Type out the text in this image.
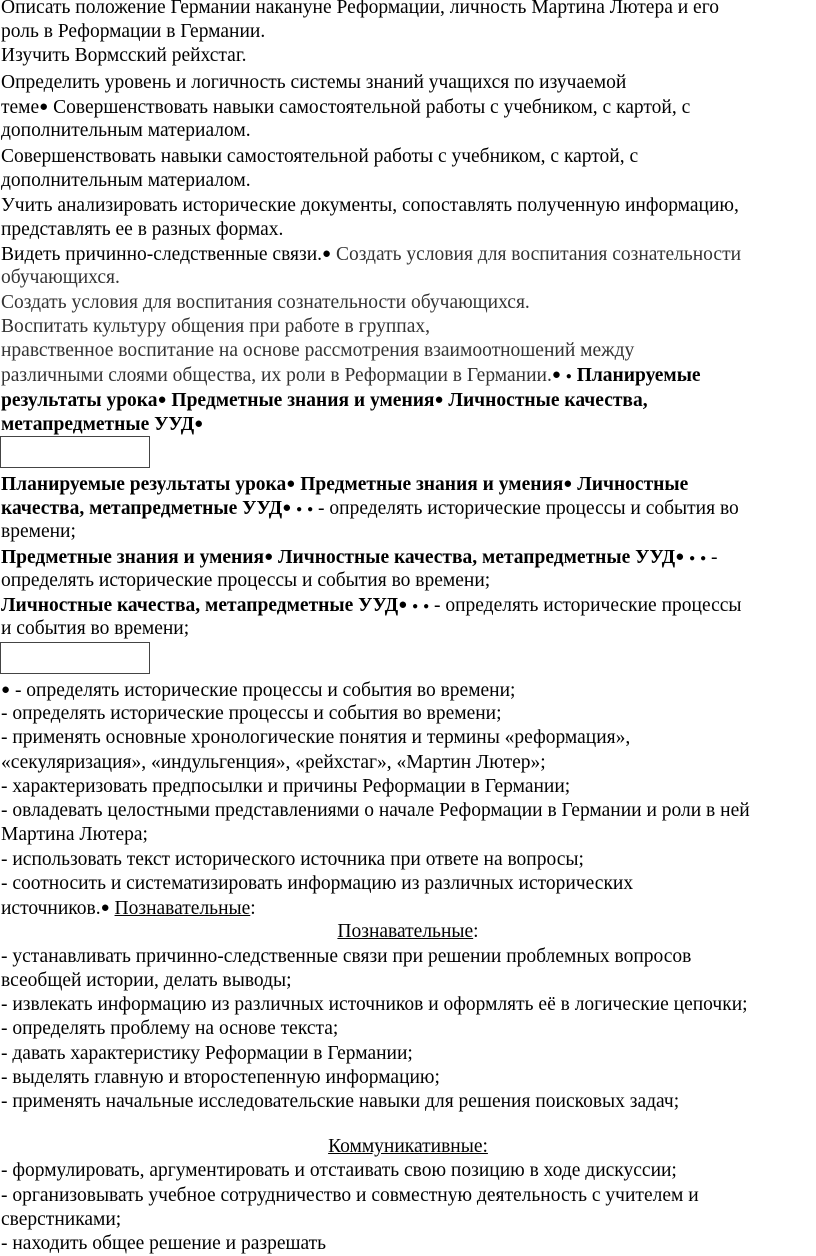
Описать положение Германии накануне Реформации, личность Мартина Лютера и его
роль в Реформации в Германии.
Изучить Вормсский рейхстаг.
Определить уровень и логичность системы знаний учащихся по изучаемой
теме● Совершенствовать навыки самостоятельной работы с учебником, с картой, с
дополнительным материалом.
Совершенствовать навыки самостоятельной работы с учебником, с картой, с
дополнительным материалом.
Учить анализировать исторические документы, сопоставлять полученную информацию,
представлять ее в разных формах.
Видеть причинно-следственные связи.● Создать условия для воспитания сознательности
обучающихся.
Создать условия для воспитания сознательности обучающихся.
Воспитать культуру общения при работе в группах,
нравственное воспитание на основе рассмотрения взаимоотношений между
различными слоями общества, их роли в Реформации в Германии.● ● Планируемые
результаты урока● Предметные знания и умения● Личностные качества,
метапредметные УУД●
Планируемые результаты урока● Предметные знания и умения● Личностные
качества, метапредметные УУД● ● ● - определять исторические процессы и события во
времени;
Предметные знания и умения● Личностные качества, метапредметные УУД● ● ● -
определять исторические процессы и события во времени;
Личностные качества, метапредметные УУД● ● ● - определять исторические процессы
и события во времени;
● - определять исторические процессы и события во времени;
- определять исторические процессы и события во времени;
- применять основные хронологические понятия и термины «реформация»,
«секуляризация», «индульгенция», «рейхстаг», «Мартин Лютер»;
- характеризовать предпосылки и причины Реформации в Германии;
- овладевать целостными представлениями о начале Реформации в Германии и роли в ней
Мартина Лютера;
- использовать текст исторического источника при ответе на вопросы;
- соотносить и систематизировать информацию из различных исторических
источников.● Познавательные:
Познавательные:
- устанавливать причинно-следственные связи при решении проблемных вопросов
всеобщей истории, делать выводы;
- извлекать информацию из различных источников и оформлять её в логические цепочки;
- определять проблему на основе текста;
- давать характеристику Реформации в Германии;
- выделять главную и второстепенную информацию;
- применять начальные исследовательские навыки для решения поисковых задач;
Коммуникативные:
- формулировать, аргументировать и отстаивать свою позицию в ходе дискуссии;
- организовывать учебное сотрудничество и совместную деятельность с учителем и
сверстниками;
- находить общее решение и разрешать
